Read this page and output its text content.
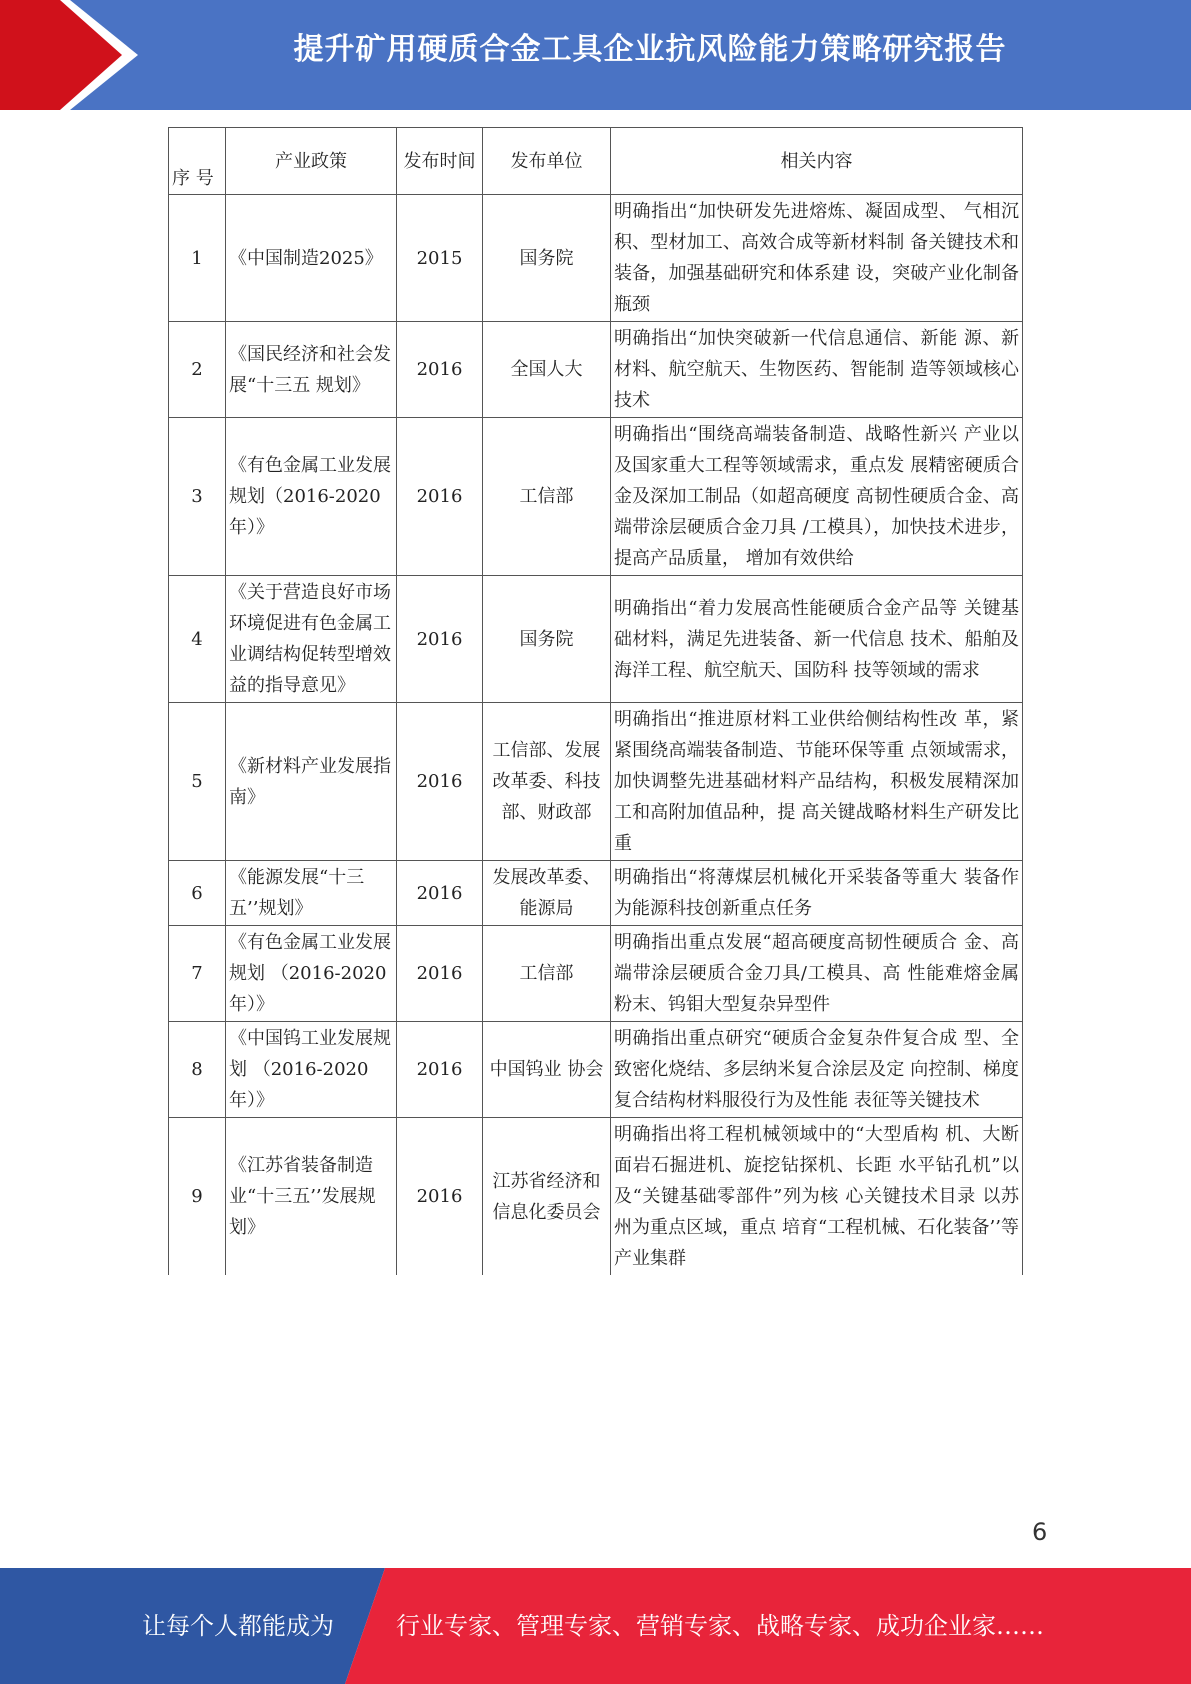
提升矿用硬质合金工具企业抗风险能力策略研究报告
序 号	产业政策	发布时间	发布单位	相关内容
1	《中国制造2025》	2015	国务院	明确指出“加快研发先进熔炼、凝固成型、 气相沉积、型材加工、高效合成等新材料制 备关键技术和装备，加强基础研究和体系建 设，突破产业化制备瓶颈
2	《国民经济和社会发展“十三五 规划》	2016	全国人大	明确指出“加快突破新一代信息通信、新能 源、新材料、航空航天、生物医药、智能制 造等领域核心技术
3	《有色金属工业发展规划（2016-2020 年）》	2016	工信部	明确指出“围绕高端装备制造、战略性新兴 产业以及国家重大工程等领域需求，重点发 展精密硬质合金及深加工制品（如超高硬度 高韧性硬质合金、高端带涂层硬质合金刀具 /工模具），加快技术进步，提高产品质量， 增加有效供给
4	《关于营造良好市场环境促进有色金属工业调结构促转型增效益的指导意见》	2016	国务院	明确指出“着力发展高性能硬质合金产品等 关键基础材料，满足先进装备、新一代信息 技术、船舶及海洋工程、航空航天、国防科 技等领域的需求
5	《新材料产业发展指南》	2016	工信部、发展改革委、科技部、财政部	明确指出“推进原材料工业供给侧结构性改 革，紧紧围绕高端装备制造、节能环保等重 点领域需求，加快调整先进基础材料产品结构，积极发展精深加工和高附加值品种，提 高关键战略材料生产研发比重
6	《能源发展“十三五’’规划》	2016	发展改革委、能源局	明确指出“将薄煤层机械化开采装备等重大 装备作为能源科技创新重点任务
7	《有色金属工业发展规划 （2016-2020 年）》	2016	工信部	明确指出重点发展“超高硬度高韧性硬质合 金、高端带涂层硬质合金刀具/工模具、高 性能难熔金属粉末、钨钼大型复杂异型件
8	《中国钨工业发展规划 （2016-2020 年）》	2016	中国钨业 协会	明确指出重点研究“硬质合金复杂件复合成 型、全致密化烧结、多层纳米复合涂层及定 向控制、梯度复合结构材料服役行为及性能 表征等关键技术
9	《江苏省装备制造业“十三五’’发展规划》	2016	江苏省经济和信息化委员会	明确指出将工程机械领域中的“大型盾构 机、大断面岩石掘进机、旋挖钻探机、长距 水平钻孔机”以及“关键基础零部件”列为核 心关键技术目录 以苏州为重点区域，重点 培育“工程机械、石化装备’’等产业集群
6
让每个人都能成为	行业专家、管理专家、营销专家、战略专家、成功企业家……
